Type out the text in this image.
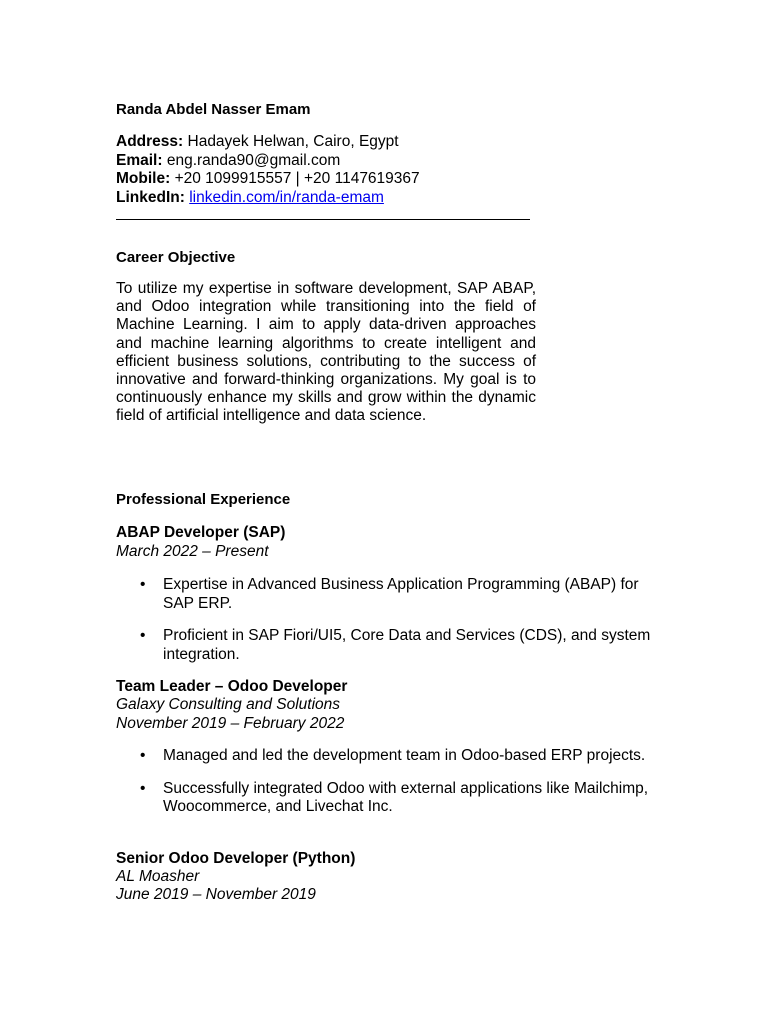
Randa Abdel Nasser Emam
Address: Hadayek Helwan, Cairo, Egypt
Email: eng.randa90@gmail.com
Mobile: +20 1099915557 | +20 1147619367
LinkedIn: linkedin.com/in/randa-emam
Career Objective

To utilize my expertise in software development, SAP ABAP, and Odoo integration while transitioning into the field of Machine Learning. I aim to apply data-driven approaches and machine learning algorithms to create intelligent and efficient business solutions, contributing to the success of innovative and forward-thinking organizations. My goal is to continuously enhance my skills and grow within the dynamic field of artificial intelligence and data science.

Professional Experience
ABAP Developer (SAP)
March 2022 – Present
• Expertise in Advanced Business Application Programming (ABAP) for SAP ERP.
• Proficient in SAP Fiori/UI5, Core Data and Services (CDS), and system integration.
Team Leader – Odoo Developer
Galaxy Consulting and Solutions
November 2019 – February 2022
• Managed and led the development team in Odoo-based ERP projects.
• Successfully integrated Odoo with external applications like Mailchimp, Woocommerce, and Livechat Inc.
Senior Odoo Developer (Python)
AL Moasher
June 2019 – November 2019
